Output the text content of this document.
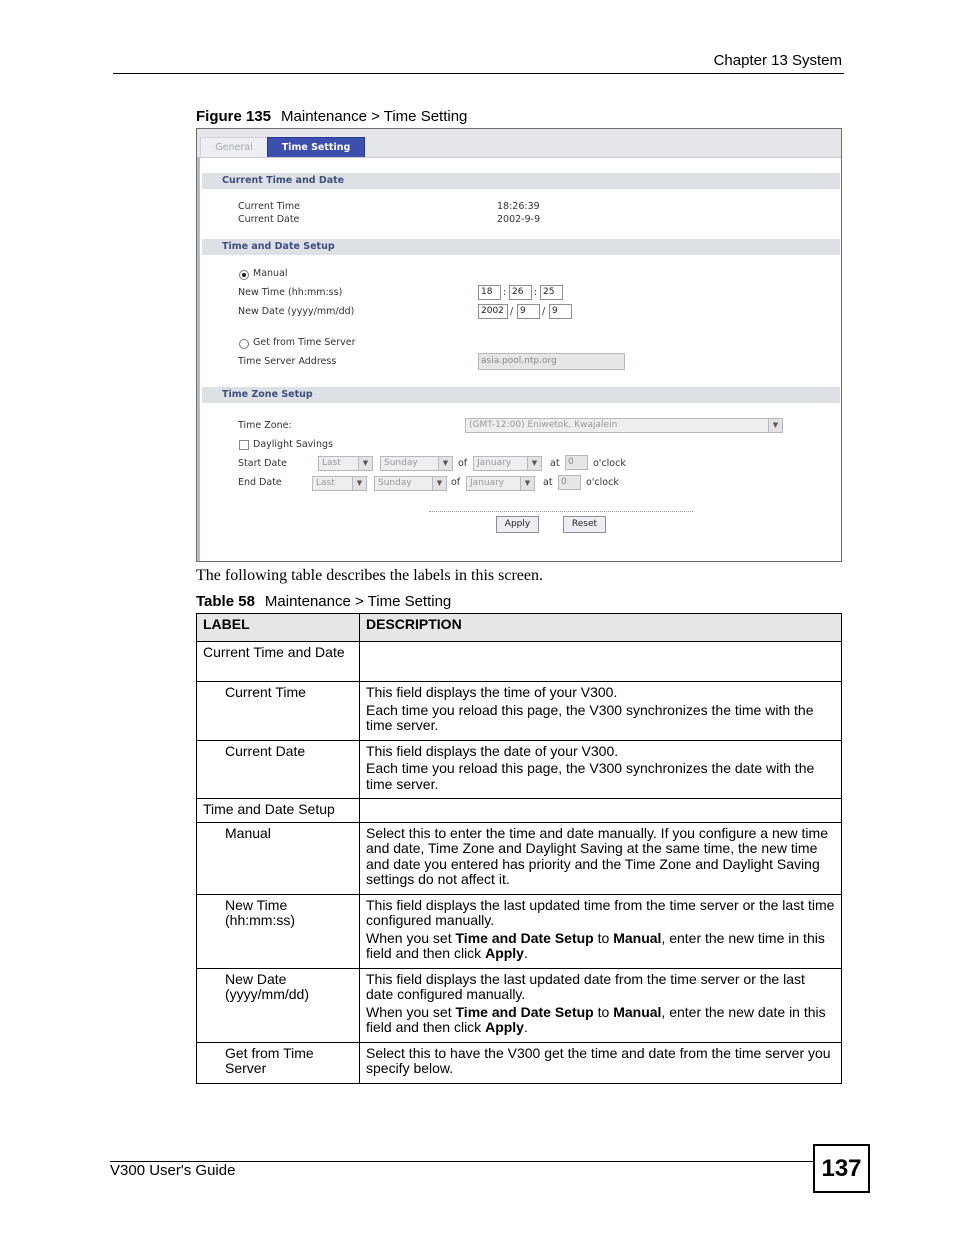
Chapter 13 System
Figure 135 Maintenance > Time Setting
General	Time Setting
Current Time and Date
Current Time	18:26:39
Current Date	2002-9-9
Time and Date Setup
Manual
New Time (hh:mm:ss)	18	: 26	: 25
New Date (yyyy/mm/dd)	2002 / 9	/ 9
Get from Time Server
Time Server Address	asia.pool.ntp.org
Time Zone Setup
Time Zone:	(GMT-12:00) Eniwetok, Kwajalein	▼
Daylight Savings
Start Date	Last	▼	Sunday	▼	of	January	▼	at 0	o'clock
End Date	Last	▼	Sunday	▼ of	January	▼	at 0	o'clock
Apply	Reset
The following table describes the labels in this screen.
Table 58 Maintenance > Time Setting
LABEL	DESCRIPTION
Current Time and Date	
Current Time	This field displays the time of your V300.

Each time you reload this page, the V300 synchronizes the time with the time server.

Current Date	This field displays the date of your V300.

Each time you reload this page, the V300 synchronizes the date with the time server.

Time and Date Setup	
Manual	Select this to enter the time and date manually. If you configure a new time and date, Time Zone and Daylight Saving at the same time, the new time and date you entered has priority and the Time Zone and Daylight Saving settings do not affect it.

New Time (hh:mm:ss)	This field displays the last updated time from the time server or the last time configured manually.

When you set Time and Date Setup to Manual, enter the new time in this field and then click Apply.

New Date (yyyy/mm/dd)	This field displays the last updated date from the time server or the last date configured manually.

When you set Time and Date Setup to Manual, enter the new date in this field and then click Apply.

Get from Time Server	Select this to have the V300 get the time and date from the time server you specify below.

V300 User's Guide	137
